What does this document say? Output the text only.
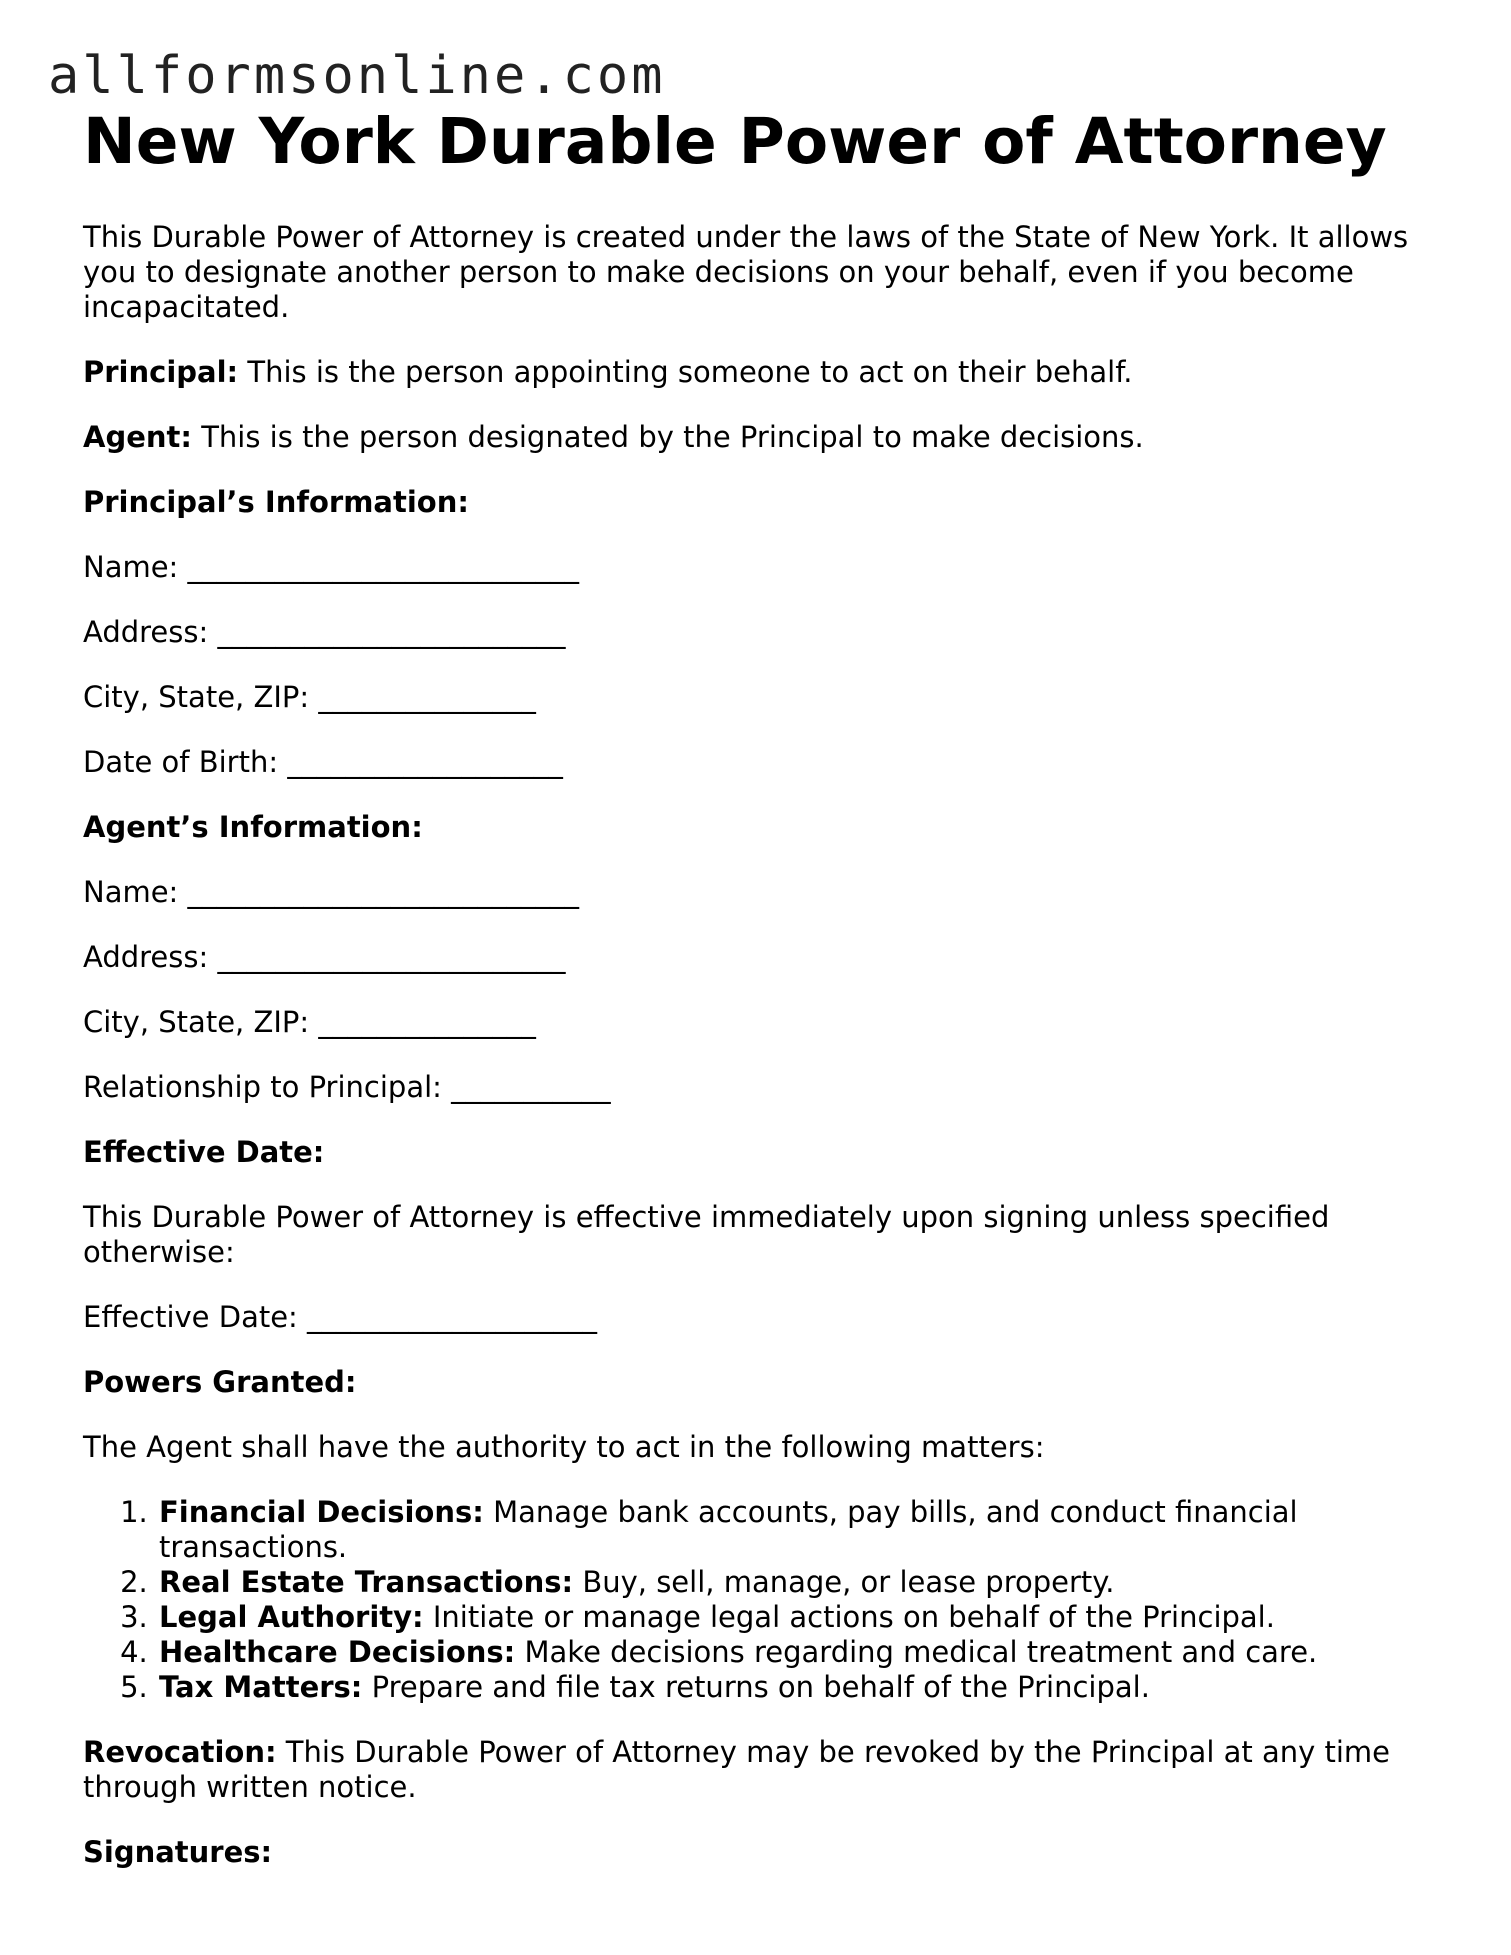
allformsonline.com
New York Durable Power of Attorney

This Durable Power of Attorney is created under the laws of the State of New York. It allows you to designate another person to make decisions on your behalf, even if you become incapacitated.

Principal: This is the person appointing someone to act on their behalf.

Agent: This is the person designated by the Principal to make decisions.

Principal’s Information:

Name: ___________________________

Address: ________________________

City, State, ZIP: _______________

Date of Birth: ___________________

Agent’s Information:

Name: ___________________________

Address: ________________________

City, State, ZIP: _______________

Relationship to Principal: ___________

Effective Date:

This Durable Power of Attorney is effective immediately upon signing unless specified otherwise:

Effective Date: ____________________

Powers Granted:

The Agent shall have the authority to act in the following matters:

1. Financial Decisions: Manage bank accounts, pay bills, and conduct financial transactions.
2. Real Estate Transactions: Buy, sell, manage, or lease property.
3. Legal Authority: Initiate or manage legal actions on behalf of the Principal.
4. Healthcare Decisions: Make decisions regarding medical treatment and care.
5. Tax Matters: Prepare and file tax returns on behalf of the Principal.

Revocation: This Durable Power of Attorney may be revoked by the Principal at any time through written notice.

Signatures:
